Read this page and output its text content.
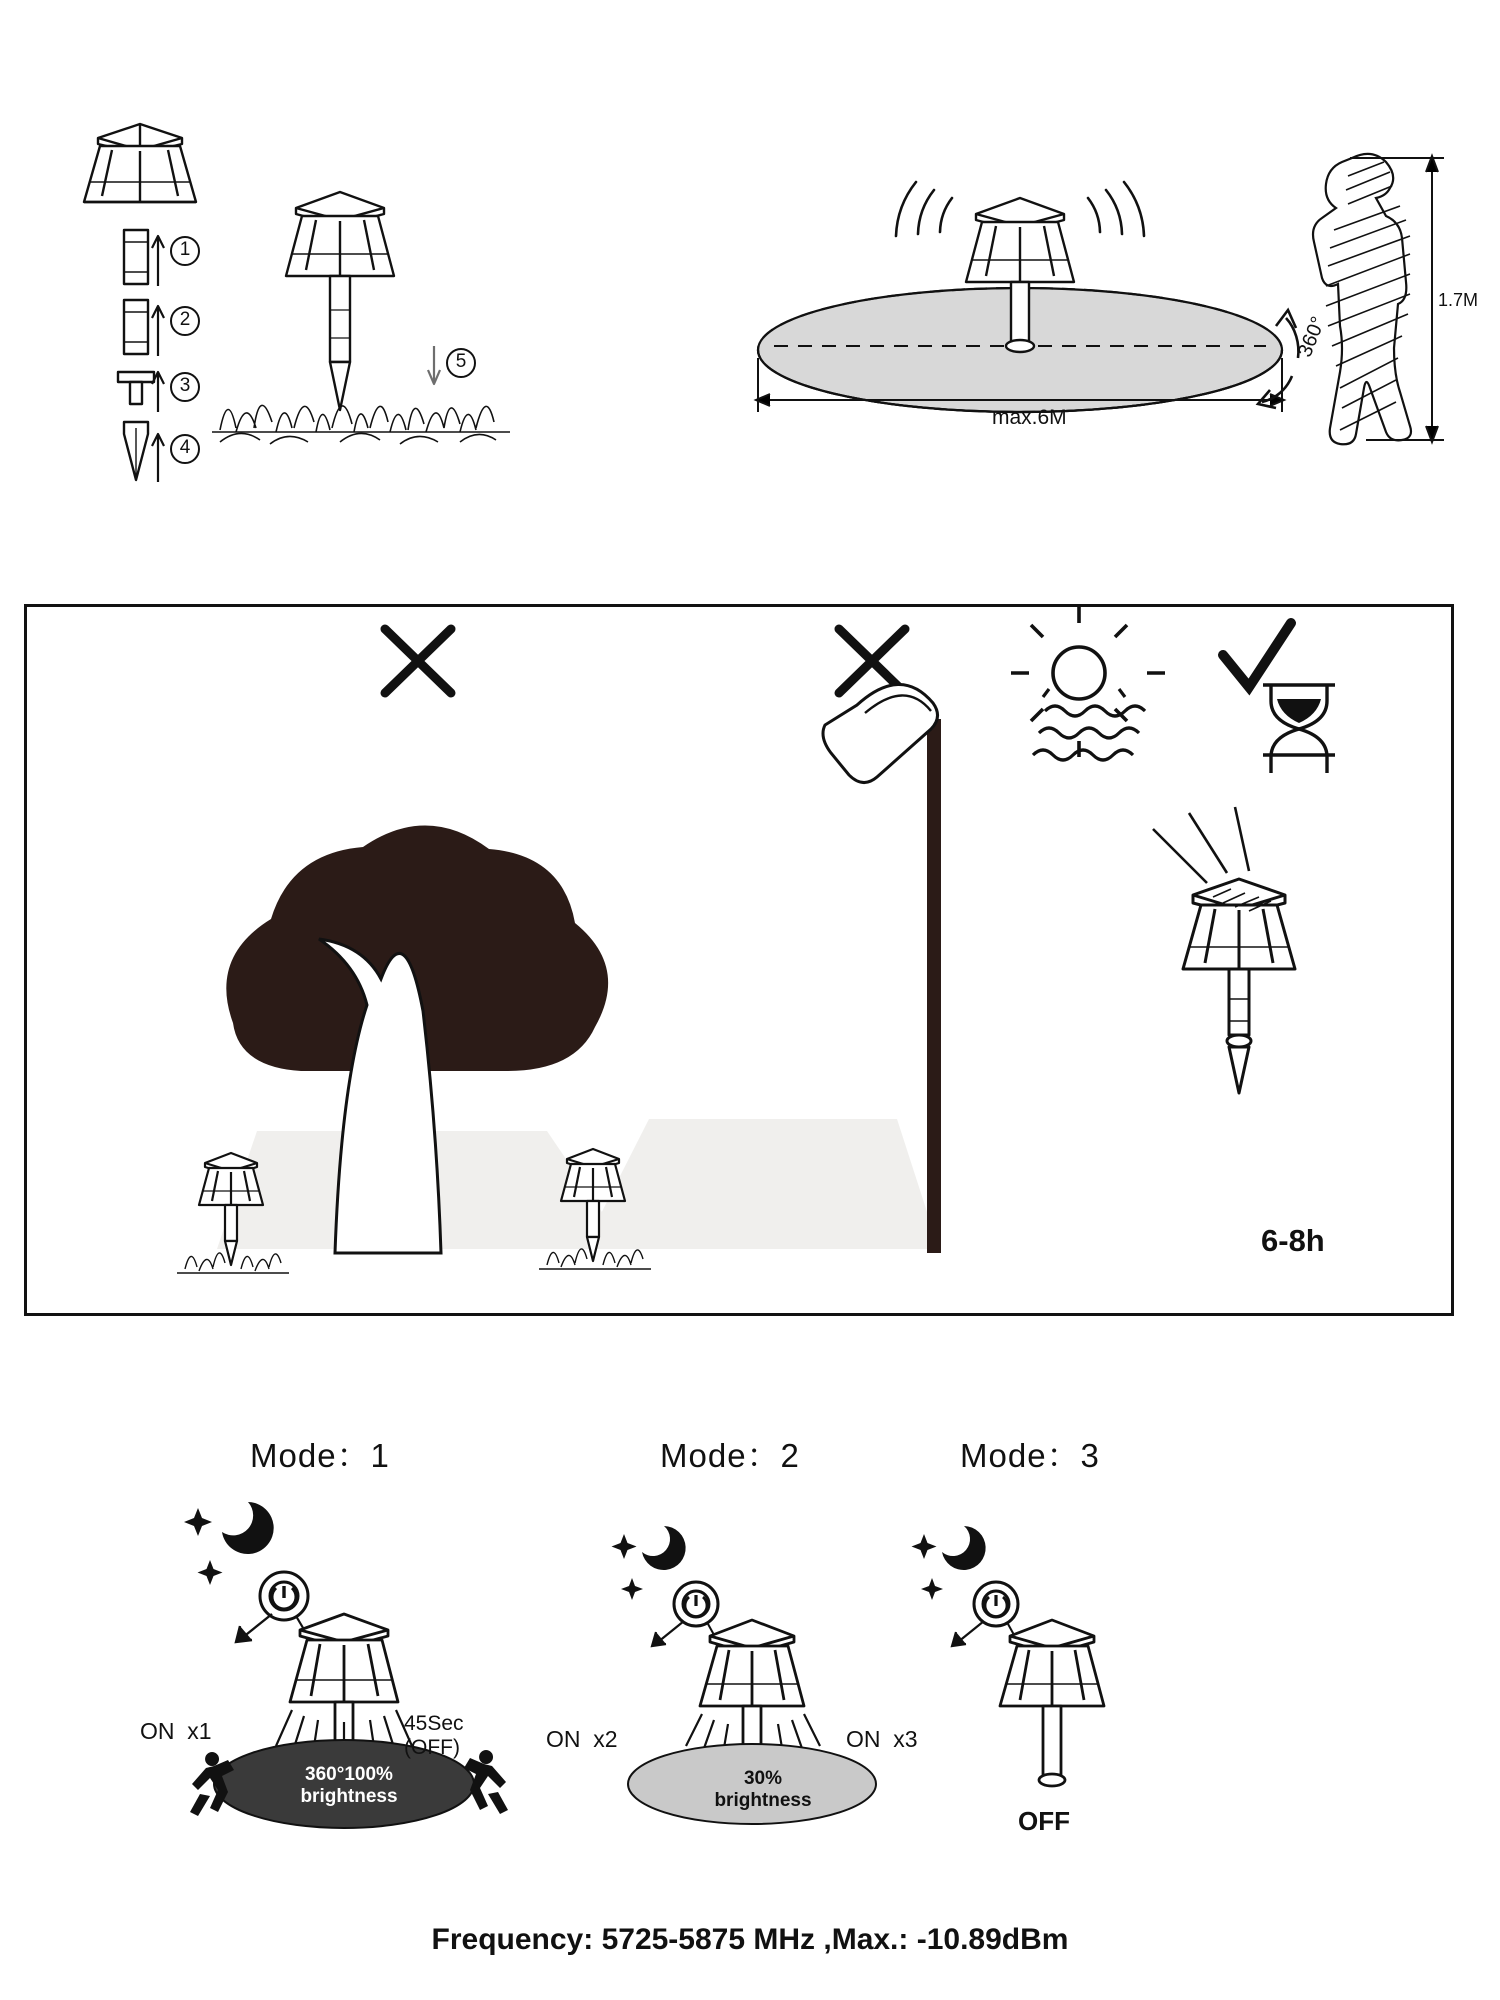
1
2
3
4
5
max.6M
360°
1.7M
6-8h
Mode：1
360°100%
brightness
45Sec
(OFF)
ON x1
Mode：2
30%
brightness
ON x2
Mode：3
OFF
ON x3
Frequency: 5725-5875 MHz ,Max.: -10.89dBm
